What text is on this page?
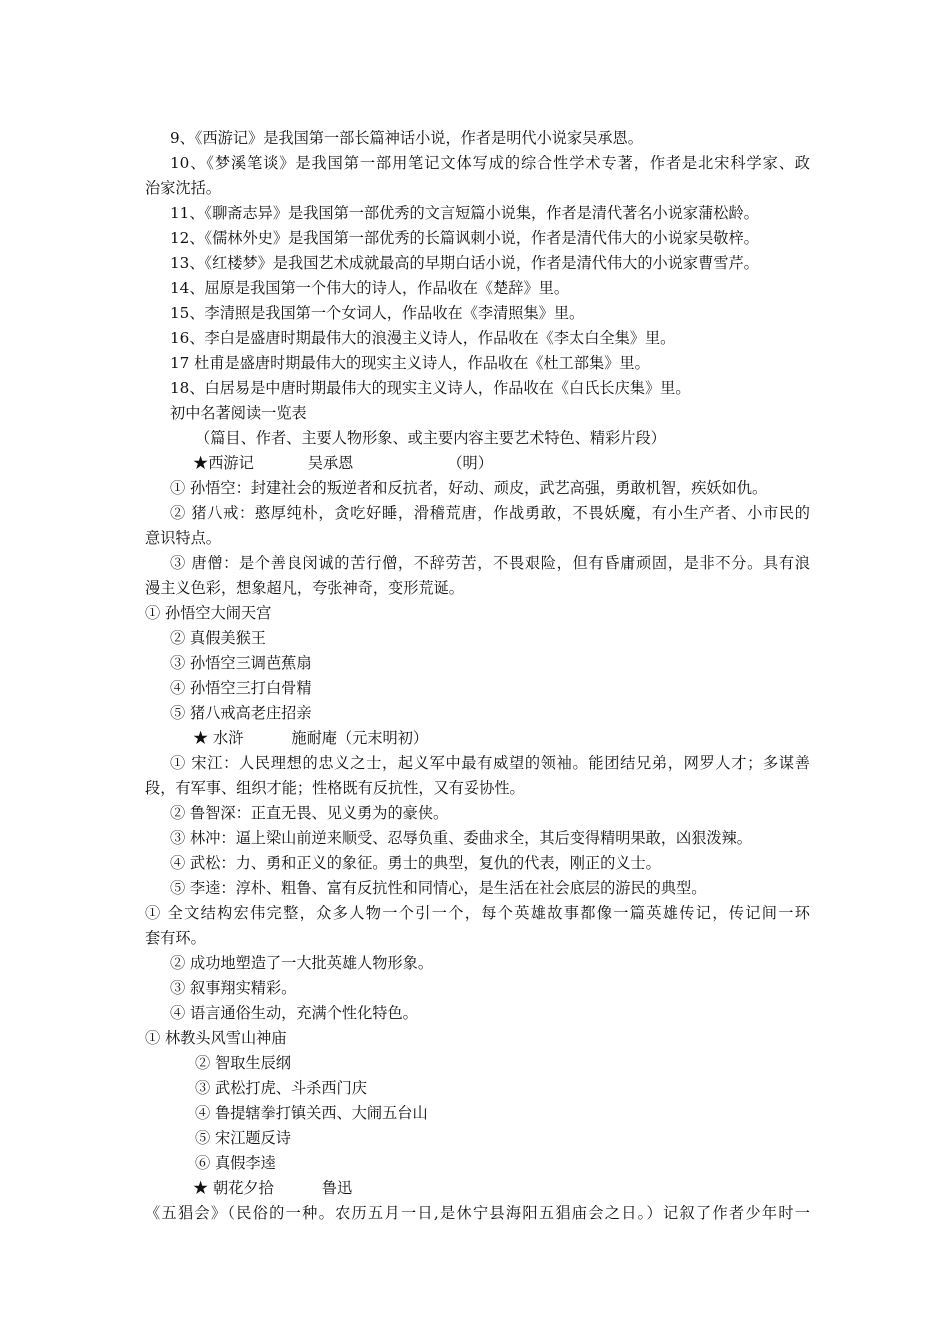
9、《西游记》是我国第一部长篇神话小说，作者是明代小说家吴承恩。
10、《梦溪笔谈》是我国第一部用笔记文体写成的综合性学术专著，作者是北宋科学家、政
治家沈括。
11、《聊斋志异》是我国第一部优秀的文言短篇小说集，作者是清代著名小说家蒲松龄。
12、《儒林外史》是我国第一部优秀的长篇讽刺小说，作者是清代伟大的小说家吴敬梓。
13、《红楼梦》是我国艺术成就最高的早期白话小说，作者是清代伟大的小说家曹雪芹。
14、屈原是我国第一个伟大的诗人，作品收在《楚辞》里。
15、李清照是我国第一个女词人，作品收在《李清照集》里。
16、李白是盛唐时期最伟大的浪漫主义诗人，作品收在《李太白全集》里。
17 杜甫是盛唐时期最伟大的现实主义诗人，作品收在《杜工部集》里。
18、白居易是中唐时期最伟大的现实主义诗人，作品收在《白氏长庆集》里。
初中名著阅读一览表
（篇目、作者、主要人物形象、或主要内容主要艺术特色、精彩片段）
★西游记	吴承恩	（明）
① 孙悟空：封建社会的叛逆者和反抗者，好动、顽皮，武艺高强，勇敢机智，疾妖如仇。
② 猪八戒：憨厚纯朴，贪吃好睡，滑稽荒唐，作战勇敢，不畏妖魔，有小生产者、小市民的
意识特点。
③ 唐僧：是个善良闵诚的苦行僧，不辞劳苦，不畏艰险，但有昏庸顽固，是非不分。具有浪
漫主义色彩，想象超凡，夸张神奇，变形荒诞。
① 孙悟空大闹天宫
② 真假美猴王
③ 孙悟空三调芭蕉扇
④ 孙悟空三打白骨精
⑤ 猪八戒高老庄招亲
★ 水浒	施耐庵（元末明初）
① 宋江：人民理想的忠义之士，起义军中最有威望的领袖。能团结兄弟，网罗人才；多谋善
段，有军事、组织才能；性格既有反抗性，又有妥协性。
② 鲁智深：正直无畏、见义勇为的豪侠。
③ 林冲：逼上梁山前逆来顺受、忍辱负重、委曲求全，其后变得精明果敢，凶狠泼辣。
④ 武松：力、勇和正义的象征。勇士的典型，复仇的代表，刚正的义士。
⑤ 李逵：淳朴、粗鲁、富有反抗性和同情心，是生活在社会底层的游民的典型。
① 全文结构宏伟完整，众多人物一个引一个，每个英雄故事都像一篇英雄传记，传记间一环
套有环。
② 成功地塑造了一大批英雄人物形象。
③ 叙事翔实精彩。
④ 语言通俗生动，充满个性化特色。
① 林教头风雪山神庙
② 智取生辰纲
③ 武松打虎、斗杀西门庆
④ 鲁提辖拳打镇关西、大闹五台山
⑤ 宋江题反诗
⑥ 真假李逵
★ 朝花夕拾	鲁迅
《五猖会》（民俗的一种。农历五月一日,是休宁县海阳五猖庙会之日。）记叙了作者少年时一
